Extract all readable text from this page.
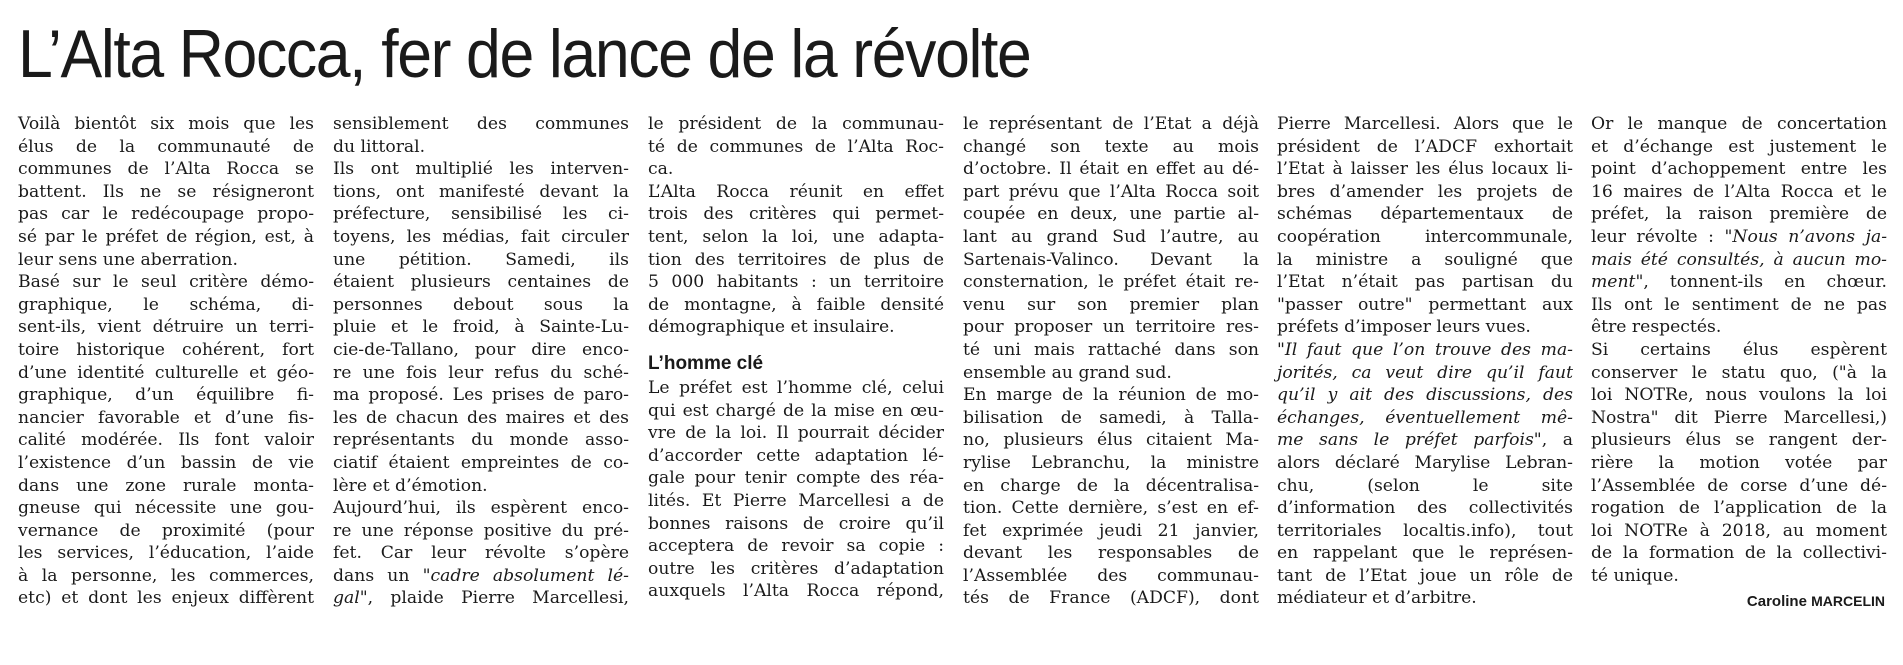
L’Alta Rocca, fer de lance de la révolte
Voilà bientôt six mois que les
élus de la communauté de
communes de l’Alta Rocca se
battent. Ils ne se résigneront
pas car le redécoupage propo-
sé par le préfet de région, est, à
leur sens une aberration.
Basé sur le seul critère démo-
graphique, le schéma, di-
sent-ils, vient détruire un terri-
toire historique cohérent, fort
d’une identité culturelle et géo-
graphique, d’un équilibre fi-
nancier favorable et d’une fis-
calité modérée. Ils font valoir
l’existence d’un bassin de vie
dans une zone rurale monta-
gneuse qui nécessite une gou-
vernance de proximité (pour
les services, l’éducation, l’aide
à la personne, les commerces,
etc) et dont les enjeux diffèrent
sensiblement des communes
du littoral.
Ils ont multiplié les interven-
tions, ont manifesté devant la
préfecture, sensibilisé les ci-
toyens, les médias, fait circuler
une pétition. Samedi, ils
étaient plusieurs centaines de
personnes debout sous la
pluie et le froid, à Sainte-Lu-
cie-de-Tallano, pour dire enco-
re une fois leur refus du sché-
ma proposé. Les prises de paro-
les de chacun des maires et des
représentants du monde asso-
ciatif étaient empreintes de co-
lère et d’émotion.
Aujourd’hui, ils espèrent enco-
re une réponse positive du pré-
fet. Car leur révolte s’opère
dans un "cadre absolument lé-
gal", plaide Pierre Marcellesi,
le président de la communau-
té de communes de l’Alta Roc-
ca.
L’Alta Rocca réunit en effet
trois des critères qui permet-
tent, selon la loi, une adapta-
tion des territoires de plus de
5 000 habitants : un territoire
de montagne, à faible densité
démographique et insulaire.
L’homme clé
Le préfet est l’homme clé, celui
qui est chargé de la mise en œu-
vre de la loi. Il pourrait décider
d’accorder cette adaptation lé-
gale pour tenir compte des réa-
lités. Et Pierre Marcellesi a de
bonnes raisons de croire qu’il
acceptera de revoir sa copie :
outre les critères d’adaptation
auxquels l’Alta Rocca répond,
le représentant de l’Etat a déjà
changé son texte au mois
d’octobre. Il était en effet au dé-
part prévu que l’Alta Rocca soit
coupée en deux, une partie al-
lant au grand Sud l’autre, au
Sartenais-Valinco. Devant la
consternation, le préfet était re-
venu sur son premier plan
pour proposer un territoire res-
té uni mais rattaché dans son
ensemble au grand sud.
En marge de la réunion de mo-
bilisation de samedi, à Talla-
no, plusieurs élus citaient Ma-
rylise Lebranchu, la ministre
en charge de la décentralisa-
tion. Cette dernière, s’est en ef-
fet exprimée jeudi 21 janvier,
devant les responsables de
l’Assemblée des communau-
tés de France (ADCF), dont
Pierre Marcellesi. Alors que le
président de l’ADCF exhortait
l’Etat à laisser les élus locaux li-
bres d’amender les projets de
schémas départementaux de
coopération intercommunale,
la ministre a souligné que
l’Etat n’était pas partisan du
"passer outre" permettant aux
préfets d’imposer leurs vues.
"Il faut que l’on trouve des ma-
jorités, ca veut dire qu’il faut
qu’il y ait des discussions, des
échanges, éventuellement mê-
me sans le préfet parfois", a
alors déclaré Marylise Lebran-
chu, (selon le site
d’information des collectivités
territoriales localtis.info), tout
en rappelant que le représen-
tant de l’Etat joue un rôle de
médiateur et d’arbitre.
Or le manque de concertation
et d’échange est justement le
point d’achoppement entre les
16 maires de l’Alta Rocca et le
préfet, la raison première de
leur révolte : "Nous n’avons ja-
mais été consultés, à aucun mo-
ment", tonnent-ils en chœur.
Ils ont le sentiment de ne pas
être respectés.
Si certains élus espèrent
conserver le statu quo, ("à la
loi NOTRe, nous voulons la loi
Nostra" dit Pierre Marcellesi,)
plusieurs élus se rangent der-
rière la motion votée par
l’Assemblée de corse d’une dé-
rogation de l’application de la
loi NOTRe à 2018, au moment
de la formation de la collectivi-
té unique.
Caroline MARCELIN
